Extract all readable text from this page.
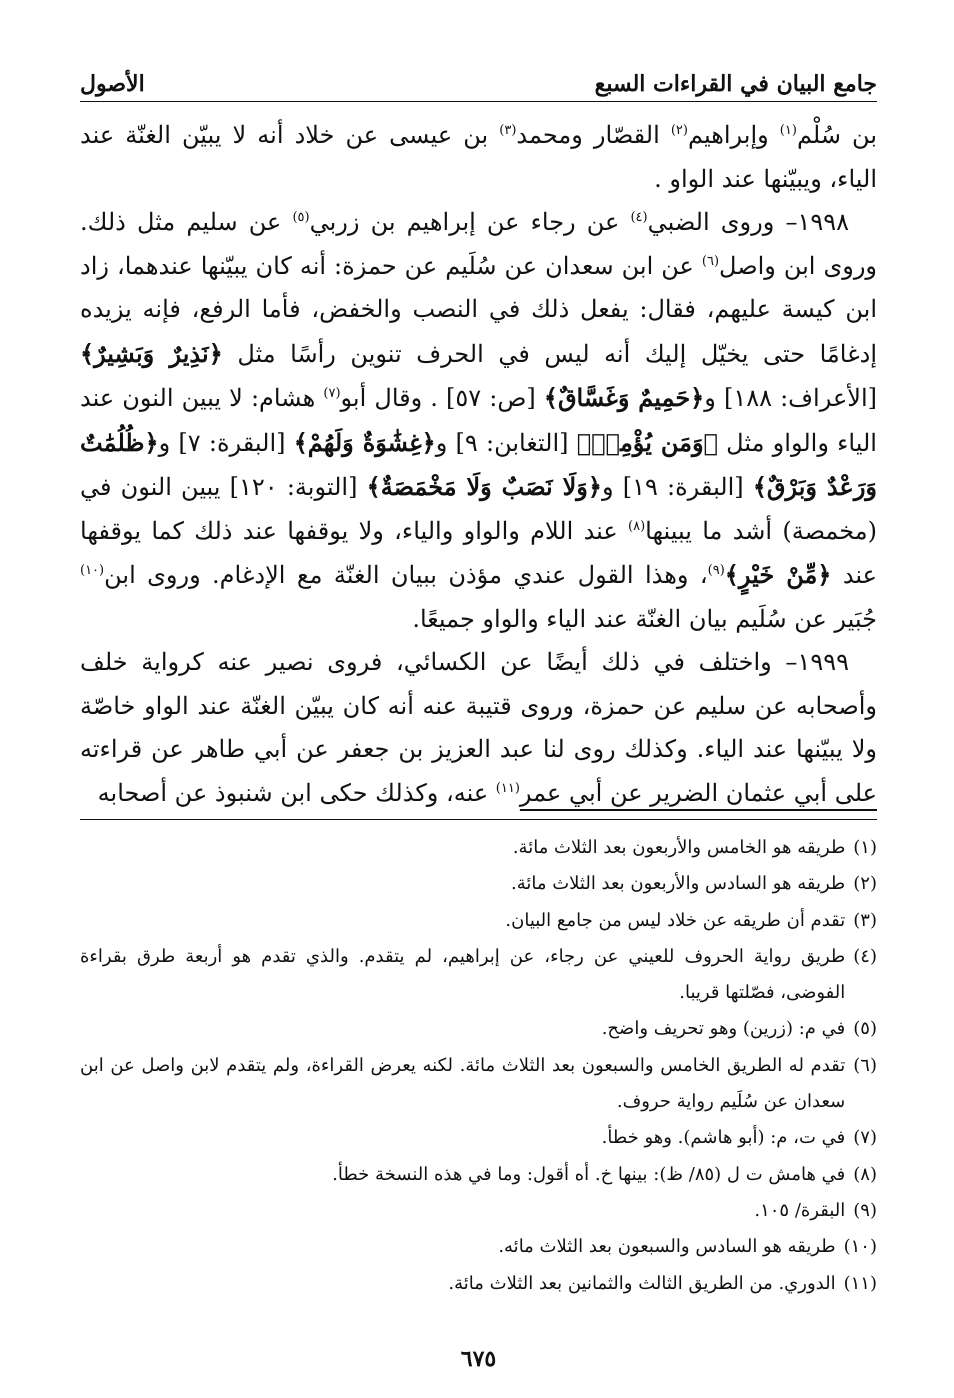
جامع البيان في القراءات السبع
الأصول

بن سُلْم$^{(١)}$ وإبراهيم$^{(٢)}$ القصّار ومحمد$^{(٣)}$ بن عيسى عن خلاد أنه لا يبيّن الغنّة عند الياء، ويبيّنها عند الواو .

١٩٩٨– وروى الضبي$^{(٤)}$ عن رجاء عن إبراهيم بن زربي$^{(٥)}$ عن سليم مثل ذلك. وروى ابن واصل$^{(٦)}$ عن ابن سعدان عن سُلَيم عن حمزة: أنه كان يبيّنها عندهما، زاد ابن كيسة عليهم، فقال: يفعل ذلك في النصب والخفض، فأما الرفع، فإنه يزيده إدغامًا حتى يخيّل إليك أنه ليس في الحرف تنوين رأسًا مثل ﴿نَذِيرٌ وَبَشِيرٌ﴾ [الأعراف: ١٨٨] و﴿حَمِيمٌ وَغَسَّاقٌ﴾ [ص: ٥٧] . وقال أبو$^{(٧)}$ هشام: لا يبين النون عند الياء والواو مثل ﴿وَمَن يُؤْمِنۢ﴾ [التغابن: ٩] و﴿غِشَٰوَةٌ وَلَهُمْ﴾ [البقرة: ٧] و﴿ظُلُمَٰتٌ وَرَعْدٌ وَبَرْقٌ﴾ [البقرة: ١٩] و﴿وَلَا نَصَبٌ وَلَا مَخْمَصَةٌ﴾ [التوبة: ١٢٠] يبين النون في (مخمصة) أشد ما يبينها$^{(٨)}$ عند اللام والواو والياء، ولا يوقفها عند ذلك كما يوقفها عند ﴿مِّنْ خَيْرٍ﴾$^{(٩)}$، وهذا القول عندي مؤذن ببيان الغنّة مع الإدغام. وروى ابن$^{(١٠)}$ جُبَير عن سُلَيم بيان الغنّة عند الياء والواو جميعًا.

١٩٩٩– واختلف في ذلك أيضًا عن الكسائي، فروى نصير عنه كرواية خلف وأصحابه عن سليم عن حمزة، وروى قتيبة عنه أنه كان يبيّن الغنّة عند الواو خاصّة ولا يبيّنها عند الياء. وكذلك روى لنا عبد العزيز بن جعفر عن أبي طاهر عن قراءته على أبي عثمان الضرير عن أبي عمر$^{(١١)}$ عنه، وكذلك حكى ابن شنبوذ عن أصحابه

(١)
طريقه هو الخامس والأربعون بعد الثلاث مائة.
(٢)
طريقه هو السادس والأربعون بعد الثلاث مائة.
(٣)
تقدم أن طريقه عن خلاد ليس من جامع البيان.
(٤)
طريق رواية الحروف للعيني عن رجاء، عن إبراهيم، لم يتقدم. والذي تقدم هو أربعة طرق بقراءة الفوضى، فصّلتها قريبا.
(٥)
في م: (زرين) وهو تحريف واضح.
(٦)
تقدم له الطريق الخامس والسبعون بعد الثلاث مائة. لكنه يعرض القراءة، ولم يتقدم لابن واصل عن ابن سعدان عن سُلَيم رواية حروف.
(٧)
في ت، م: (أبو هاشم). وهو خطأ.
(٨)
في هامش ت ل (٨٥/ ظ): بينها خ. أه أقول: وما في هذه النسخة خطأ.
(٩)
البقرة/ ١٠٥.
(١٠)
طريقه هو السادس والسبعون بعد الثلاث مائه.
(١١)
الدوري. من الطريق الثالث والثمانين بعد الثلاث مائة.
٦٧٥
